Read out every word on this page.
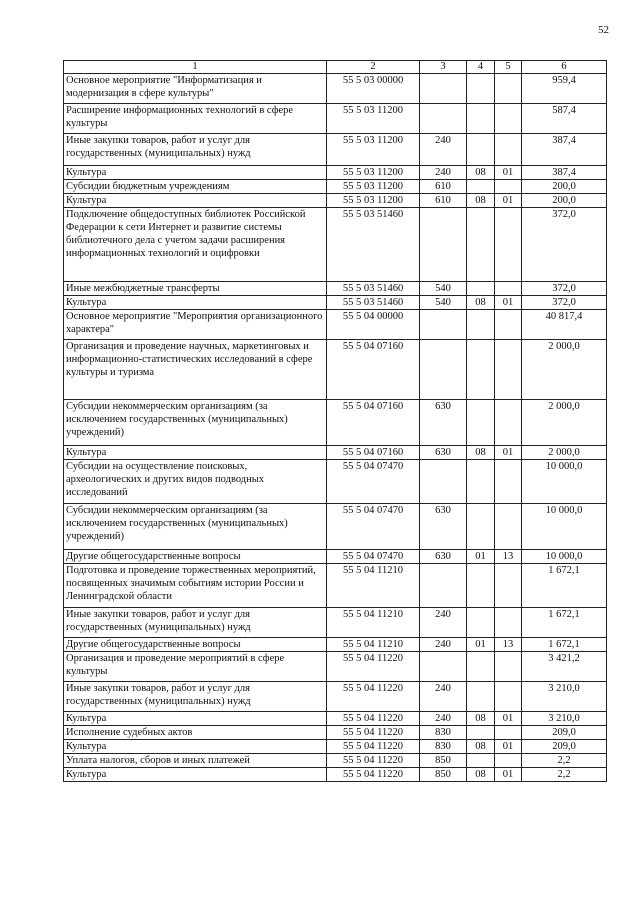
52
1	2	3	4	5	6
Основное мероприятие "Информатизация и модернизация в сфере культуры"	55 5 03 00000				959,4
Расширение информационных технологий в сфере культуры	55 5 03 11200				587,4
Иные закупки товаров, работ и услуг для государственных (муниципальных) нужд	55 5 03 11200	240			387,4
Культура	55 5 03 11200	240	08	01	387,4
Субсидии бюджетным учреждениям	55 5 03 11200	610			200,0
Культура	55 5 03 11200	610	08	01	200,0
Подключение общедоступных библиотек Российской Федерации к сети Интернет и развитие системы библиотечного дела с учетом задачи расширения информационных технологий и оцифровки	55 5 03 51460				372,0
Иные межбюджетные трансферты	55 5 03 51460	540			372,0
Культура	55 5 03 51460	540	08	01	372,0
Основное мероприятие "Мероприятия организационного характера"	55 5 04 00000				40 817,4
Организация и проведение научных, маркетинговых и информационно-статистических исследований в сфере культуры и туризма	55 5 04 07160				2 000,0
Субсидии некоммерческим организациям (за исключением государственных (муниципальных) учреждений)	55 5 04 07160	630			2 000,0
Культура	55 5 04 07160	630	08	01	2 000,0
Субсидии на осуществление поисковых, археологических и других видов подводных исследований	55 5 04 07470				10 000,0
Субсидии некоммерческим организациям (за исключением государственных (муниципальных) учреждений)	55 5 04 07470	630			10 000,0
Другие общегосударственные вопросы	55 5 04 07470	630	01	13	10 000,0
Подготовка и проведение торжественных мероприятий, посвященных значимым событиям истории России и Ленинградской области	55 5 04 11210				1 672,1
Иные закупки товаров, работ и услуг для государственных (муниципальных) нужд	55 5 04 11210	240			1 672,1
Другие общегосударственные вопросы	55 5 04 11210	240	01	13	1 672,1
Организация и проведение мероприятий в сфере культуры	55 5 04 11220				3 421,2
Иные закупки товаров, работ и услуг для государственных (муниципальных) нужд	55 5 04 11220	240			3 210,0
Культура	55 5 04 11220	240	08	01	3 210,0
Исполнение судебных актов	55 5 04 11220	830			209,0
Культура	55 5 04 11220	830	08	01	209,0
Уплата налогов, сборов и иных платежей	55 5 04 11220	850			2,2
Культура	55 5 04 11220	850	08	01	2,2
